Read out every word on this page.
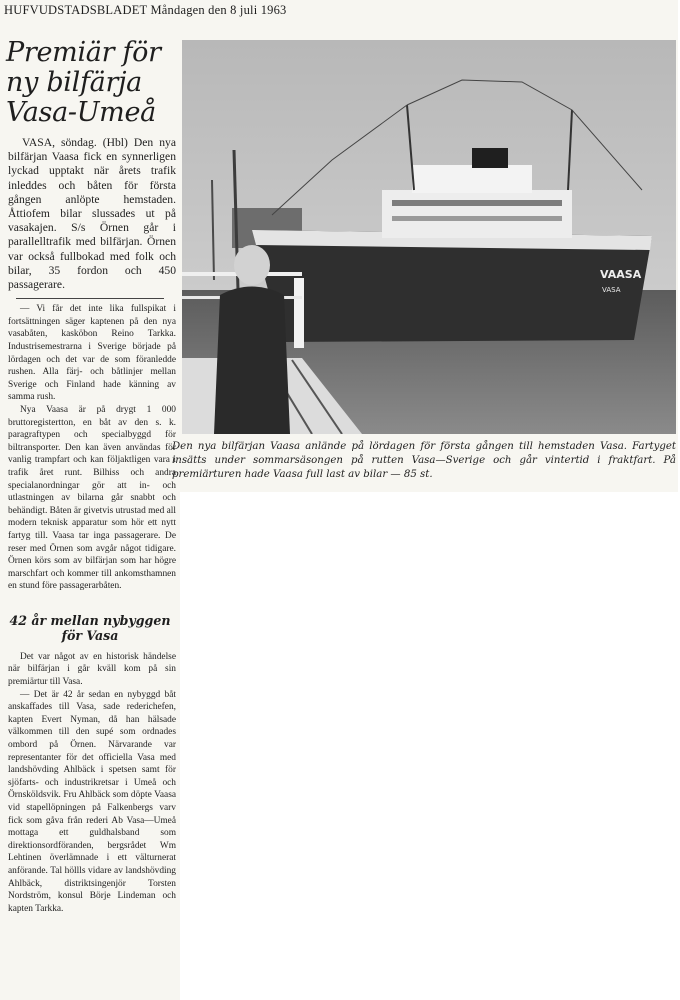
HUFVUDSTADSBLADET Måndagen den 8 juli 1963
Premiär för ny bilfärja Vasa-Umeå

VASA, söndag. (Hbl) Den nya bilfärjan Vaasa fick en synnerligen lyckad upptakt när årets trafik inleddes och båten för första gången anlöpte hemstaden. Åttiofem bilar slussades ut på vasakajen. S/s Örnen går i parallelltrafik med bilfärjan. Örnen var också fullbokad med folk och bilar, 35 fordon och 450 passagerare.

— Vi får det inte lika fullspikat i fortsättningen säger kaptenen på den nya vasabåten, kasköbon Reino Tarkka. Industrisemestrarna i Sverige började på lördagen och det var de som föranledde rushen. Alla färj- och båtlinjer mellan Sverige och Finland hade känning av samma rush.

Nya Vaasa är på drygt 1 000 bruttoregistertton, en båt av den s. k. paragraftypen och specialbyggd för biltransporter. Den kan även användas för vanlig trampfart och kan följaktligen vara i trafik året runt. Bilhiss och andra specialanordningar gör att in- och utlastningen av bilarna går snabbt och behändigt. Båten är givetvis utrustad med all modern teknisk apparatur som hör ett nytt fartyg till. Vaasa tar inga passagerare. De reser med Örnen som avgår något tidigare. Örnen körs som av bilfärjan som har högre marschfart och kommer till ankomsthamnen en stund före passagerarbåten.

42 år mellan nybyggen för Vasa

Det var något av en historisk händelse när bilfärjan i går kväll kom på sin premiärtur till Vasa.

— Det är 42 år sedan en nybyggd båt anskaffades till Vasa, sade rederichefen, kapten Evert Nyman, då han hälsade välkommen till den supé som ordnades ombord på Örnen. Närvarande var representanter för det officiella Vasa med landshövding Ahlbäck i spetsen samt för sjöfarts- och industrikretsar i Umeå och Örnsköldsvik. Fru Ahlbäck som döpte Vaasa vid stapellöpningen på Falkenbergs varv fick som gåva från rederi Ab Vasa—Umeå mottaga ett guldhalsband som direktionsordföranden, bergsrådet Wm Lehtinen överlämnade i ett välturnerat anförande. Tal höllls vidare av landshövding Ahlbäck, distriktsingenjör Torsten Nordström, konsul Börje Lindeman och kapten Tarkka.

VAASA
VASA
Den nya bilfärjan Vaasa anlände på lördagen för första gången till hemstaden Vasa. Fartyget insätts under sommarsäsongen på rutten Vasa—Sverige och går vintertid i fraktfart. På premiärturen hade Vaasa full last av bilar — 85 st.
